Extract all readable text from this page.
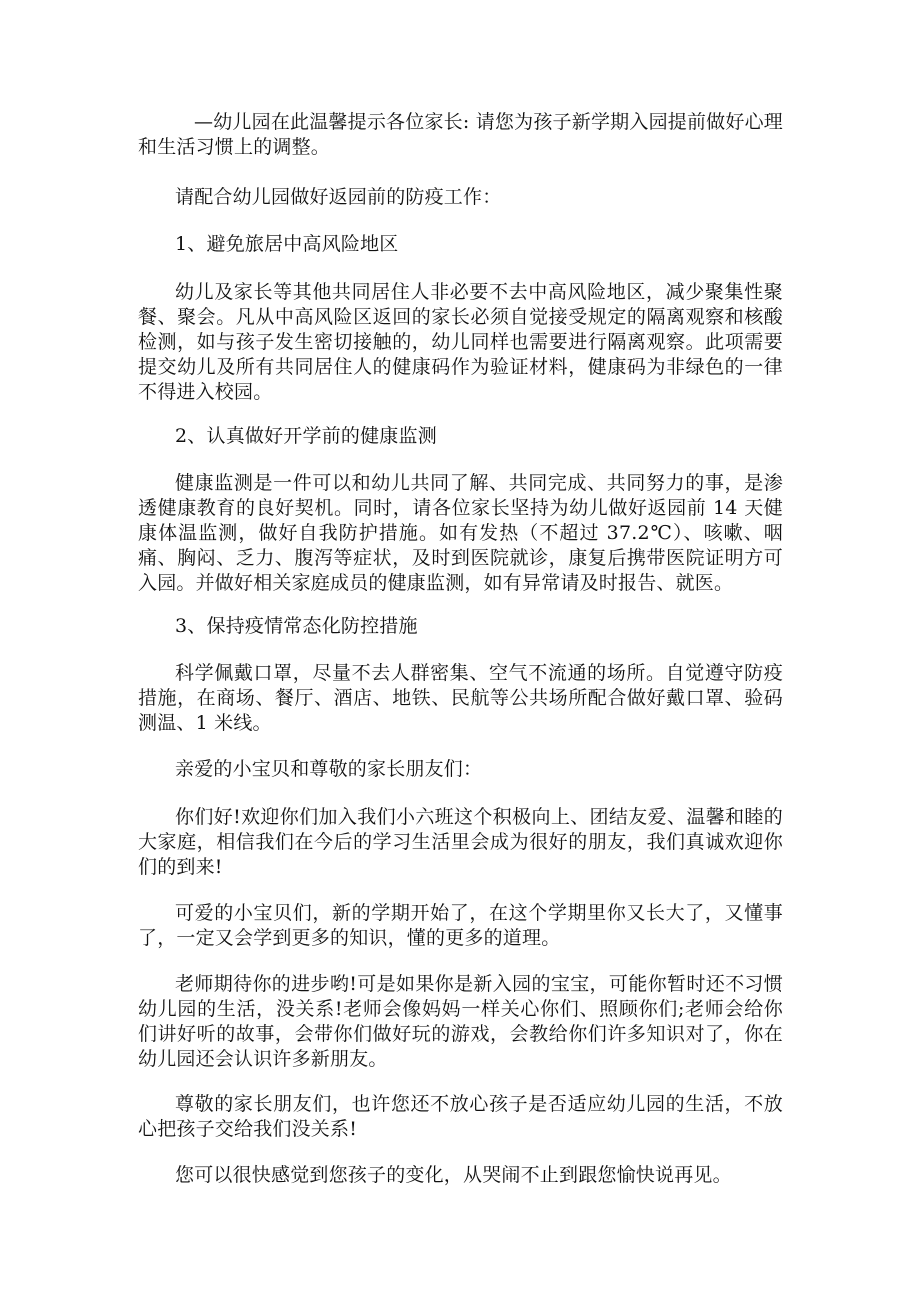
—幼儿园在此温馨提示各位家长: 请您为孩子新学期入园提前做好心理和生活习惯上的调整。

请配合幼儿园做好返园前的防疫工作：

1、避免旅居中高风险地区

幼儿及家长等其他共同居住人非必要不去中高风险地区，减少聚集性聚餐、聚会。凡从中高风险区返回的家长必须自觉接受规定的隔离观察和核酸检测，如与孩子发生密切接触的，幼儿同样也需要进行隔离观察。此项需要提交幼儿及所有共同居住人的健康码作为验证材料，健康码为非绿色的一律不得进入校园。

2、认真做好开学前的健康监测

健康监测是一件可以和幼儿共同了解、共同完成、共同努力的事，是渗透健康教育的良好契机。同时，请各位家长坚持为幼儿做好返园前 14 天健康体温监测，做好自我防护措施。如有发热（不超过 37.2℃）、咳嗽、咽痛、胸闷、乏力、腹泻等症状，及时到医院就诊，康复后携带医院证明方可入园。并做好相关家庭成员的健康监测，如有异常请及时报告、就医。

3、保持疫情常态化防控措施

科学佩戴口罩，尽量不去人群密集、空气不流通的场所。自觉遵守防疫措施，在商场、餐厅、酒店、地铁、民航等公共场所配合做好戴口罩、验码测温、1 米线。

亲爱的小宝贝和尊敬的家长朋友们：

你们好!欢迎你们加入我们小六班这个积极向上、团结友爱、温馨和睦的大家庭，相信我们在今后的学习生活里会成为很好的朋友，我们真诚欢迎你们的到来!

可爱的小宝贝们，新的学期开始了，在这个学期里你又长大了，又懂事了，一定又会学到更多的知识，懂的更多的道理。

老师期待你的进步哟!可是如果你是新入园的宝宝，可能你暂时还不习惯幼儿园的生活，没关系!老师会像妈妈一样关心你们、照顾你们;老师会给你们讲好听的故事，会带你们做好玩的游戏，会教给你们许多知识对了，你在幼儿园还会认识许多新朋友。

尊敬的家长朋友们，也许您还不放心孩子是否适应幼儿园的生活，不放心把孩子交给我们没关系!

您可以很快感觉到您孩子的变化，从哭闹不止到跟您愉快说再见。
